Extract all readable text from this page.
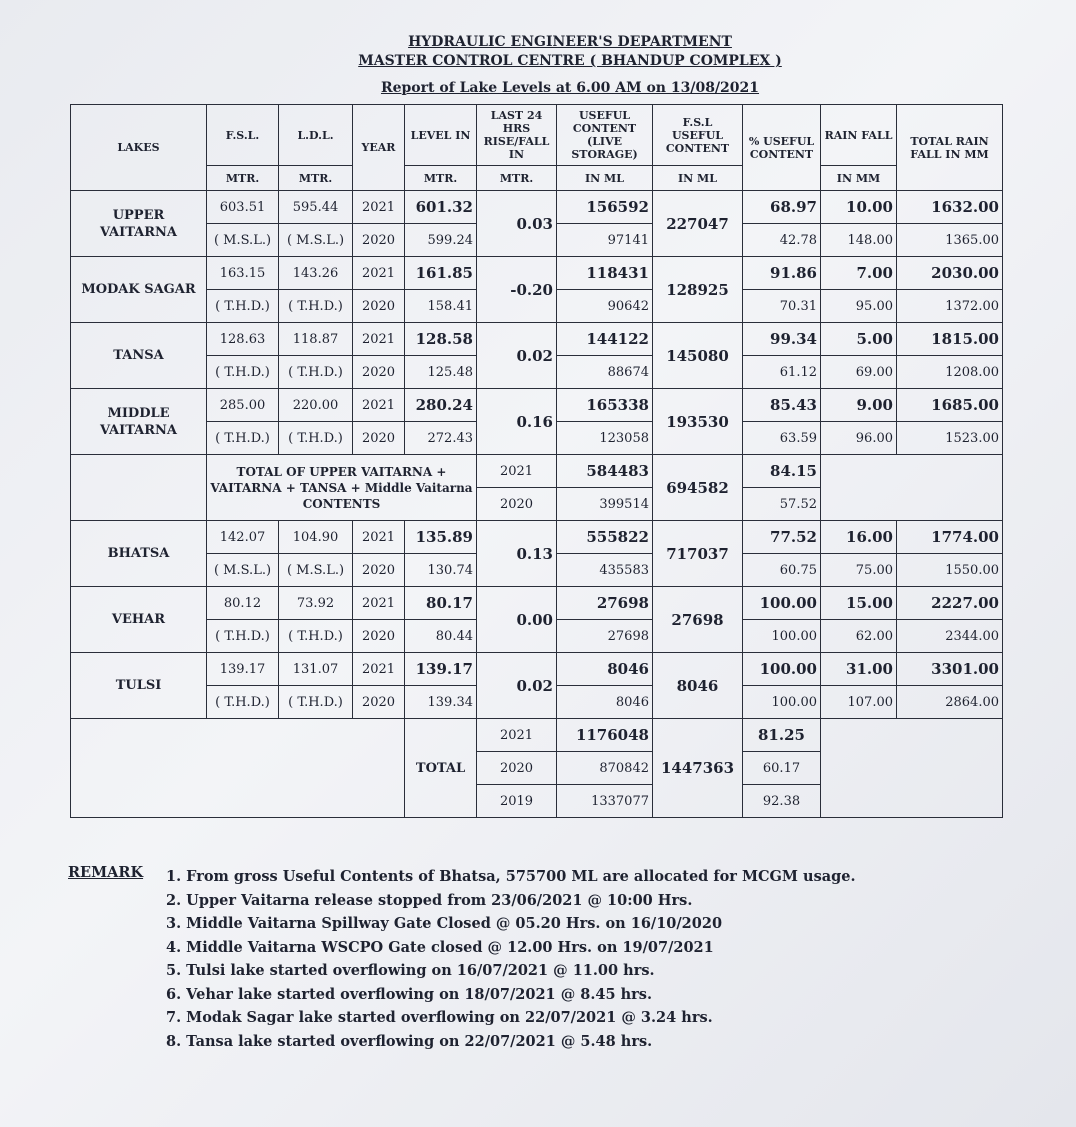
HYDRAULIC ENGINEER'S DEPARTMENT
MASTER CONTROL CENTRE ( BHANDUP COMPLEX )
Report of Lake Levels at 6.00 AM on 13/08/2021
LAKES	F.S.L.	L.D.L.	YEAR	LEVEL IN	LAST 24 HRS RISE/FALL IN	USEFUL CONTENT (LIVE STORAGE)	F.S.L USEFUL CONTENT	% USEFUL CONTENT	RAIN FALL	TOTAL RAIN FALL IN MM
	MTR.	MTR.		MTR.	MTR.	IN ML	IN ML		IN MM	
UPPER VAITARNA	603.51	595.44	2021	601.32	0.03	156592	227047	68.97	10.00	1632.00
	( M.S.L.)	( M.S.L.)	2020	599.24		97141		42.78	148.00	1365.00
MODAK SAGAR	163.15	143.26	2021	161.85	-0.20	118431	128925	91.86	7.00	2030.00
	( T.H.D.)	( T.H.D.)	2020	158.41		90642		70.31	95.00	1372.00
TANSA	128.63	118.87	2021	128.58	0.02	144122	145080	99.34	5.00	1815.00
	( T.H.D.)	( T.H.D.)	2020	125.48		88674		61.12	69.00	1208.00
MIDDLE VAITARNA	285.00	220.00	2021	280.24	0.16	165338	193530	85.43	9.00	1685.00
	( T.H.D.)	( T.H.D.)	2020	272.43		123058		63.59	96.00	1523.00
	TOTAL OF UPPER VAITARNA + VAITARNA + TANSA + Middle Vaitarna CONTENTS				2021	584483	694582	84.15		
					2020	399514		57.52		
BHATSA	142.07	104.90	2021	135.89	0.13	555822	717037	77.52	16.00	1774.00
	( M.S.L.)	( M.S.L.)	2020	130.74		435583		60.75	75.00	1550.00
VEHAR	80.12	73.92	2021	80.17	0.00	27698	27698	100.00	15.00	2227.00
	( T.H.D.)	( T.H.D.)	2020	80.44		27698		100.00	62.00	2344.00
TULSI	139.17	131.07	2021	139.17	0.02	8046	8046	100.00	31.00	3301.00
	( T.H.D.)	( T.H.D.)	2020	139.34		8046		100.00	107.00	2864.00
				TOTAL	2021	1176048	1447363	81.25		
					2020	870842		60.17		
					2019	1337077		92.38		
REMARK 1. From gross Useful Contents of Bhatsa, 575700 ML are allocated for MCGM usage.
2. Upper Vaitarna release stopped from 23/06/2021 @ 10:00 Hrs.
3. Middle Vaitarna Spillway Gate Closed @ 05.20 Hrs. on 16/10/2020
4. Middle Vaitarna WSCPO Gate closed @ 12.00 Hrs. on 19/07/2021
5. Tulsi lake started overflowing on 16/07/2021 @ 11.00 hrs.
6. Vehar lake started overflowing on 18/07/2021 @ 8.45 hrs.
7. Modak Sagar lake started overflowing on 22/07/2021 @ 3.24 hrs.
8. Tansa lake started overflowing on 22/07/2021 @ 5.48 hrs.
